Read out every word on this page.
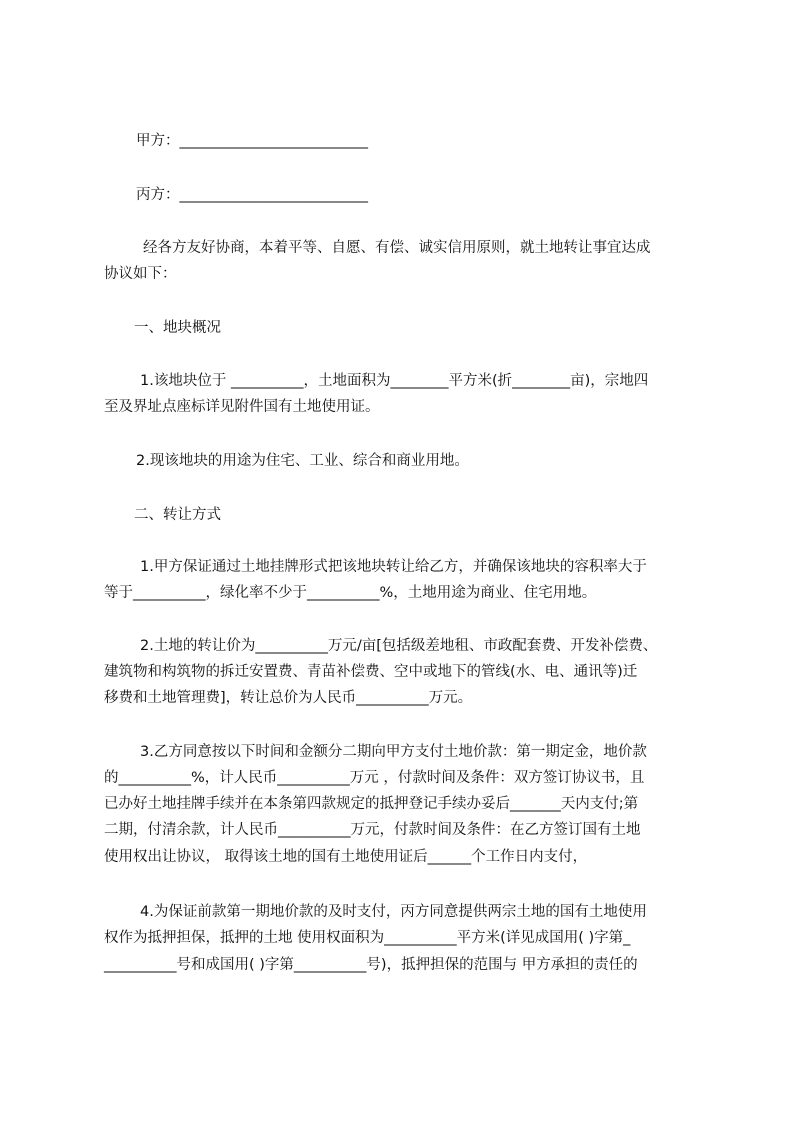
甲方：__________________________
丙方：__________________________
经各方友好协商，本着平等、自愿、有偿、诚实信用原则，就土地转让事宜达成
协议如下：
一、地块概况
1.该地块位于 __________，土地面积为________平方米(折________亩)，宗地四
至及界址点座标详见附件国有土地使用证。
2.现该地块的用途为住宅、工业、综合和商业用地。
二、转让方式
1.甲方保证通过土地挂牌形式把该地块转让给乙方，并确保该地块的容积率大于
等于__________，绿化率不少于__________%，土地用途为商业、住宅用地。
2.土地的转让价为__________万元/亩[包括级差地租、市政配套费、开发补偿费、
建筑物和构筑物的拆迁安置费、青苗补偿费、空中或地下的管线(水、电、通讯等)迁
移费和土地管理费]，转让总价为人民币__________万元。
3.乙方同意按以下时间和金额分二期向甲方支付土地价款：第一期定金，地价款
的__________%，计人民币__________万元 ，付款时间及条件：双方签订协议书，且
已办好土地挂牌手续并在本条第四款规定的抵押登记手续办妥后_______天内支付;第
二期，付清余款，计人民币__________万元，付款时间及条件：在乙方签订国有土地
使用权出让协议， 取得该土地的国有土地使用证后______个工作日内支付，
4.为保证前款第一期地价款的及时支付，丙方同意提供两宗土地的国有土地使用
权作为抵押担保，抵押的土地 使用权面积为__________平方米(详见成国用( )字第_
__________号和成国用( )字第__________号)，抵押担保的范围与 甲方承担的责任的
